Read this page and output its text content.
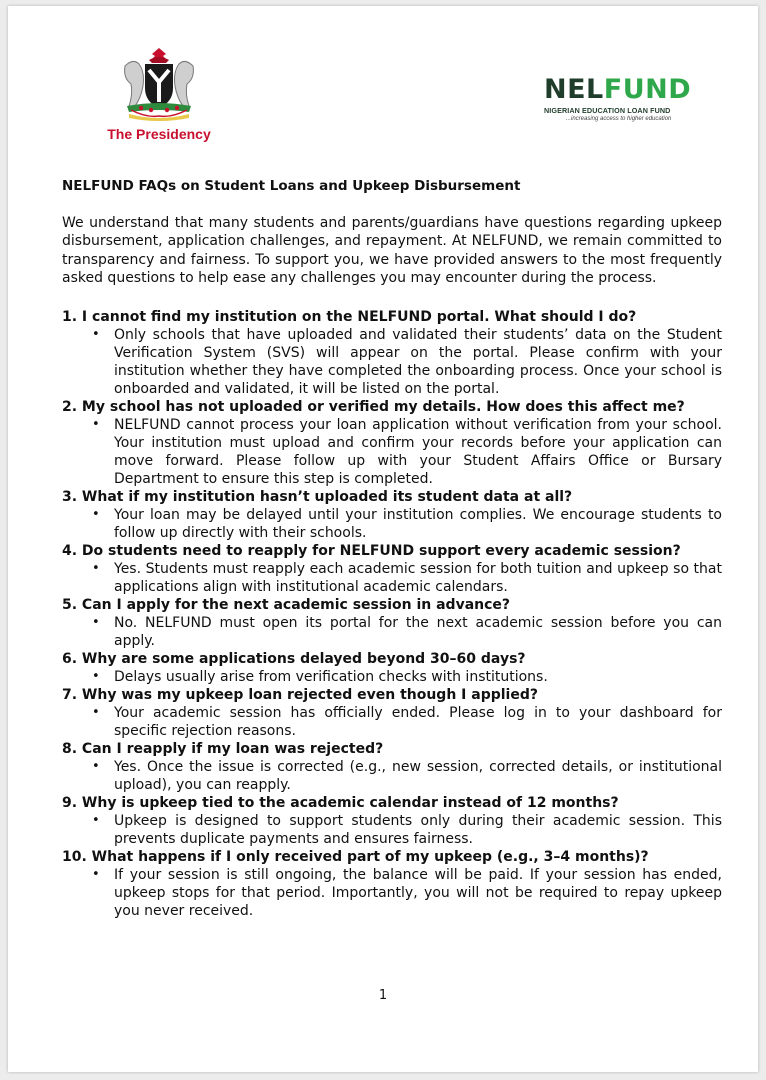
The Presidency
NELFUND
NIGERIAN EDUCATION LOAN FUND
...increasing access to higher education

NELFUND FAQs on Student Loans and Upkeep Disbursement

We understand that many students and parents/guardians have questions regarding upkeep disbursement, application challenges, and repayment. At NELFUND, we remain committed to transparency and fairness. To support you, we have provided answers to the most frequently asked questions to help ease any challenges you may encounter during the process.

1. I cannot find my institution on the NELFUND portal. What should I do?

• Only schools that have uploaded and validated their students’ data on the Student Verification System (SVS) will appear on the portal. Please confirm with your institution whether they have completed the onboarding process. Once your school is onboarded and validated, it will be listed on the portal.

2. My school has not uploaded or verified my details. How does this affect me?

• NELFUND cannot process your loan application without verification from your school. Your institution must upload and confirm your records before your application can move forward. Please follow up with your Student Affairs Office or Bursary Department to ensure this step is completed.

3. What if my institution hasn’t uploaded its student data at all?

• Your loan may be delayed until your institution complies. We encourage students to follow up directly with their schools.

4. Do students need to reapply for NELFUND support every academic session?

• Yes. Students must reapply each academic session for both tuition and upkeep so that applications align with institutional academic calendars.

5. Can I apply for the next academic session in advance?

• No. NELFUND must open its portal for the next academic session before you can apply.

6. Why are some applications delayed beyond 30–60 days?

• Delays usually arise from verification checks with institutions.

7. Why was my upkeep loan rejected even though I applied?

• Your academic session has officially ended. Please log in to your dashboard for specific rejection reasons.

8. Can I reapply if my loan was rejected?

• Yes. Once the issue is corrected (e.g., new session, corrected details, or institutional upload), you can reapply.

9. Why is upkeep tied to the academic calendar instead of 12 months?

• Upkeep is designed to support students only during their academic session. This prevents duplicate payments and ensures fairness.

10. What happens if I only received part of my upkeep (e.g., 3–4 months)?

• If your session is still ongoing, the balance will be paid. If your session has ended, upkeep stops for that period. Importantly, you will not be required to repay upkeep you never received.

1
